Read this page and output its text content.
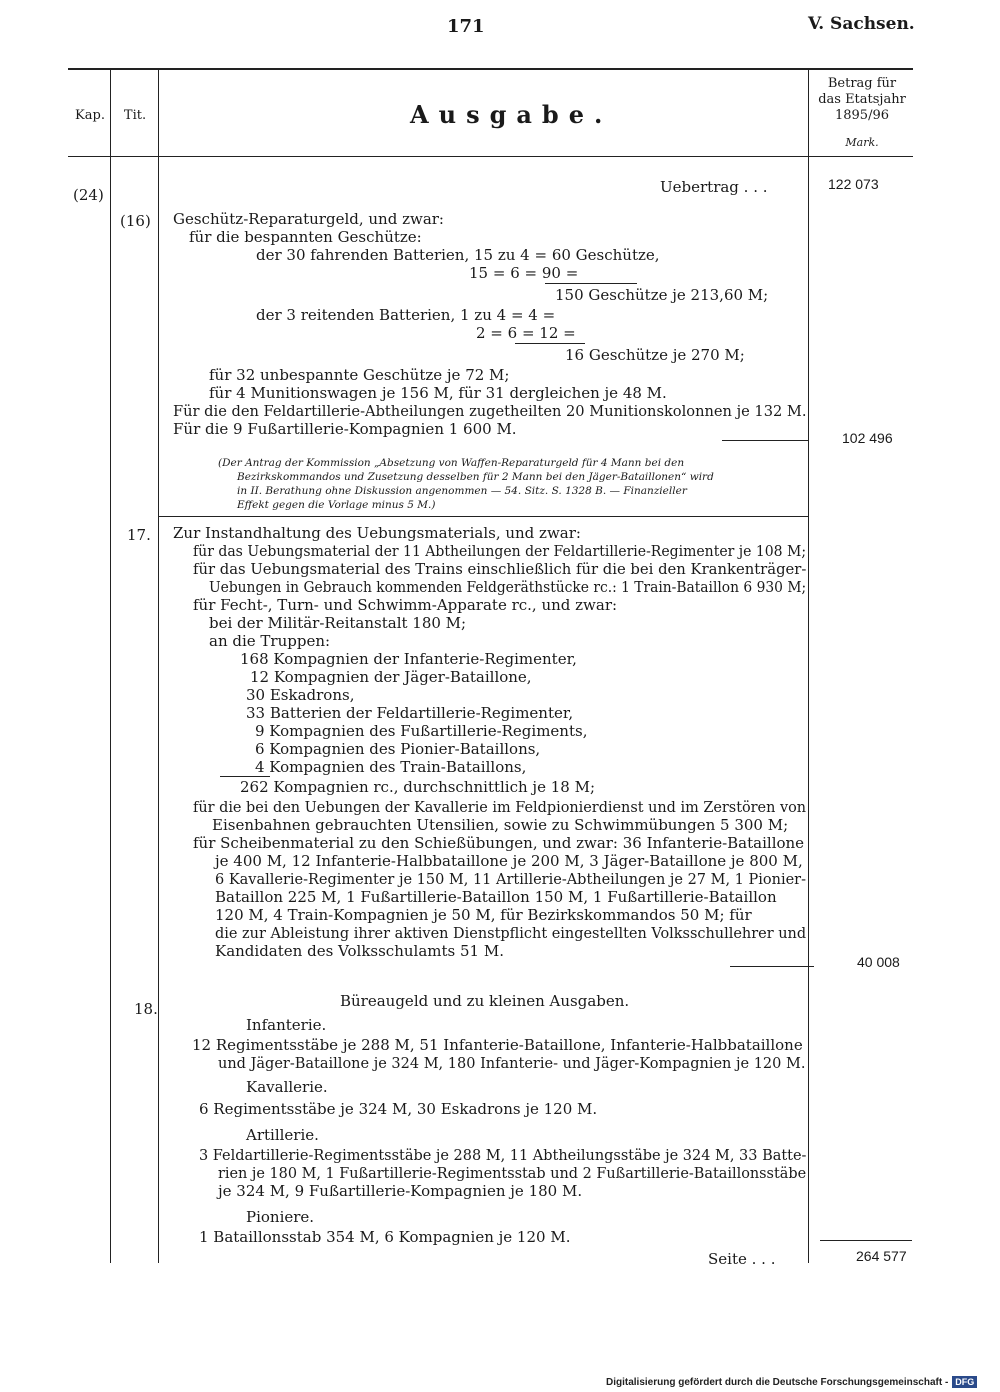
171	V. Sachsen.
Kap.	Tit.	Ausgabe.
Betrag für
das Etatsjahr
1895/96
Mark.
(24)	Uebertrag . . .	122 073
(16) Geschütz-Reparaturgeld, und zwar:
für die bespannten Geschütze:
der 30 fahrenden Batterien, 15 zu 4 = 60 Geschütze,
15 = 6 = 90 =
150 Geschütze je 213,60 M;
der 3 reitenden Batterien, 1 zu 4 = 4 =
2 = 6 = 12 =
16 Geschütze je 270 M;
für 32 unbespannte Geschütze je 72 M;
für 4 Munitionswagen je 156 M, für 31 dergleichen je 48 M.
Für die den Feldartillerie-Abtheilungen zugetheilten 20 Munitionskolonnen je 132 M.
Für die 9 Fußartillerie-Kompagnien 1 600 M.	102 496
(Der Antrag der Kommission „Absetzung von Waffen-Reparaturgeld für 4 Mann bei den
Bezirkskommandos und Zusetzung desselben für 2 Mann bei den Jäger-Bataillonen“ wird
in II. Berathung ohne Diskussion angenommen — 54. Sitz. S. 1328 B. — Finanzieller
Effekt gegen die Vorlage minus 5 M.)
17. Zur Instandhaltung des Uebungsmaterials, und zwar:
für das Uebungsmaterial der 11 Abtheilungen der Feldartillerie-Regimenter je 108 M;
für das Uebungsmaterial des Trains einschließlich für die bei den Krankenträger-
Uebungen in Gebrauch kommenden Feldgeräthstücke rc.: 1 Train-Bataillon 6 930 M;
für Fecht-, Turn- und Schwimm-Apparate rc., und zwar:
bei der Militär-Reitanstalt 180 M;
an die Truppen:
168 Kompagnien der Infanterie-Regimenter,
12 Kompagnien der Jäger-Bataillone,
30 Eskadrons,
33 Batterien der Feldartillerie-Regimenter,
9 Kompagnien des Fußartillerie-Regiments,
6 Kompagnien des Pionier-Bataillons,
4 Kompagnien des Train-Bataillons,
262 Kompagnien rc., durchschnittlich je 18 M;
für die bei den Uebungen der Kavallerie im Feldpionierdienst und im Zerstören von
Eisenbahnen gebrauchten Utensilien, sowie zu Schwimmübungen 5 300 M;
für Scheibenmaterial zu den Schießübungen, und zwar: 36 Infanterie-Bataillone
je 400 M, 12 Infanterie-Halbbataillone je 200 M, 3 Jäger-Bataillone je 800 M,
6 Kavallerie-Regimenter je 150 M, 11 Artillerie-Abtheilungen je 27 M, 1 Pionier-
Bataillon 225 M, 1 Fußartillerie-Bataillon 150 M, 1 Fußartillerie-Bataillon
120 M, 4 Train-Kompagnien je 50 M, für Bezirkskommandos 50 M; für
die zur Ableistung ihrer aktiven Dienstpflicht eingestellten Volksschullehrer und
Kandidaten des Volksschulamts 51 M.
40 008
18.	Büreaugeld und zu kleinen Ausgaben.
Infanterie.
12 Regimentsstäbe je 288 M, 51 Infanterie-Bataillone, Infanterie-Halbbataillone
und Jäger-Bataillone je 324 M, 180 Infanterie- und Jäger-Kompagnien je 120 M.
Kavallerie.
6 Regimentsstäbe je 324 M, 30 Eskadrons je 120 M.
Artillerie.
3 Feldartillerie-Regimentsstäbe je 288 M, 11 Abtheilungsstäbe je 324 M, 33 Batte-
rien je 180 M, 1 Fußartillerie-Regimentsstab und 2 Fußartillerie-Bataillonsstäbe
je 324 M, 9 Fußartillerie-Kompagnien je 180 M.
Pioniere.
1 Bataillonsstab 354 M, 6 Kompagnien je 120 M.
Seite . . .	264 577
Digitalisierung gefördert durch die Deutsche Forschungsgemeinschaft - DFG
